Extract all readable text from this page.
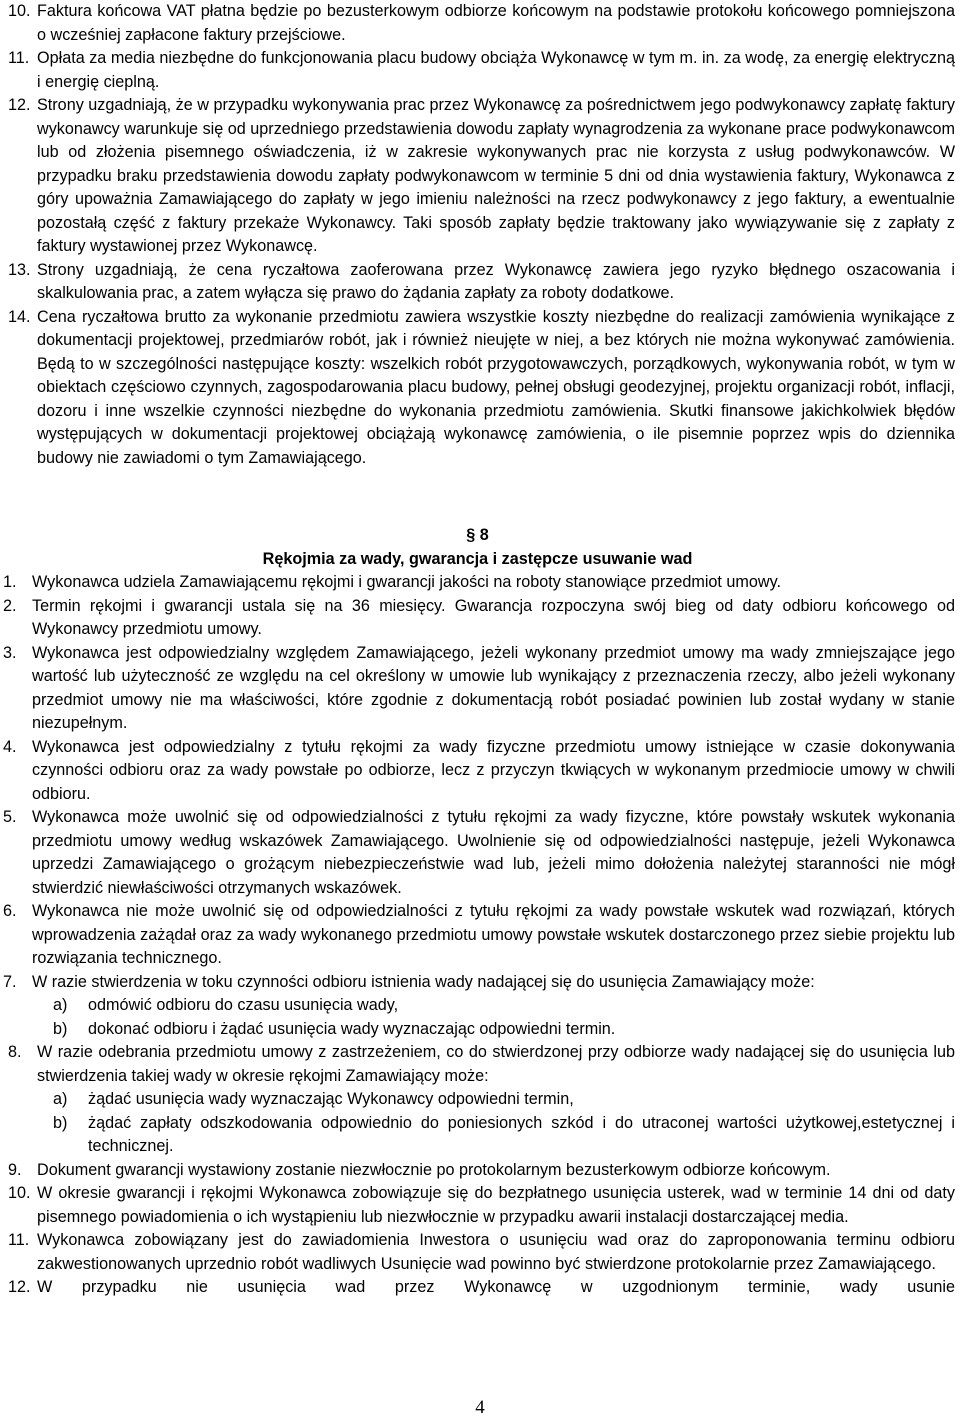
10. Faktura końcowa VAT płatna będzie po bezusterkowym odbiorze końcowym na podstawie protokołu końcowego pomniejszona o wcześniej zapłacone faktury przejściowe.
11. Opłata za media niezbędne do funkcjonowania placu budowy obciąża Wykonawcę w tym m. in. za wodę, za energię elektryczną i energię cieplną.
12. Strony uzgadniają, że w przypadku wykonywania prac przez Wykonawcę za pośrednictwem jego podwykonawcy zapłatę faktury wykonawcy warunkuje się od uprzedniego przedstawienia dowodu zapłaty wynagrodzenia za wykonane prace podwykonawcom lub od złożenia pisemnego oświadczenia, iż w zakresie wykonywanych prac nie korzysta z usług podwykonawców. W przypadku braku przedstawienia dowodu zapłaty podwykonawcom w terminie 5 dni od dnia wystawienia faktury, Wykonawca z góry upoważnia Zamawiającego do zapłaty w jego imieniu należności na rzecz podwykonawcy z jego faktury, a ewentualnie pozostałą część z faktury przekaże Wykonawcy. Taki sposób zapłaty będzie traktowany jako wywiązywanie się z zapłaty z faktury wystawionej przez Wykonawcę.
13. Strony uzgadniają, że cena ryczałtowa zaoferowana przez Wykonawcę zawiera jego ryzyko błędnego oszacowania i skalkulowania prac, a zatem wyłącza się prawo do żądania zapłaty za roboty dodatkowe.
14. Cena ryczałtowa brutto za wykonanie przedmiotu zawiera wszystkie koszty niezbędne do realizacji zamówienia wynikające z dokumentacji projektowej, przedmiarów robót, jak i również nieujęte w niej, a bez których nie można wykonywać zamówienia. Będą to w szczególności następujące koszty: wszelkich robót przygotowawczych, porządkowych, wykonywania robót, w tym w obiektach częściowo czynnych, zagospodarowania placu budowy, pełnej obsługi geodezyjnej, projektu organizacji robót, inflacji, dozoru i inne wszelkie czynności niezbędne do wykonania przedmiotu zamówienia. Skutki finansowe jakichkolwiek błędów występujących w dokumentacji projektowej obciążają wykonawcę zamówienia, o ile pisemnie poprzez wpis do dziennika budowy nie zawiadomi o tym Zamawiającego.
§ 8
Rękojmia za wady, gwarancja i zastępcze usuwanie wad
1. Wykonawca udziela Zamawiającemu rękojmi i gwarancji jakości na roboty stanowiące przedmiot umowy.
2. Termin rękojmi i gwarancji ustala się na 36 miesięcy. Gwarancja rozpoczyna swój bieg od daty odbioru końcowego od Wykonawcy przedmiotu umowy.
3. Wykonawca jest odpowiedzialny względem Zamawiającego, jeżeli wykonany przedmiot umowy ma wady zmniejszające jego wartość lub użyteczność ze względu na cel określony w umowie lub wynikający z przeznaczenia rzeczy, albo jeżeli wykonany przedmiot umowy nie ma właściwości, które zgodnie z dokumentacją robót posiadać powinien lub został wydany w stanie niezupełnym.
4. Wykonawca jest odpowiedzialny z tytułu rękojmi za wady fizyczne przedmiotu umowy istniejące w czasie dokonywania czynności odbioru oraz za wady powstałe po odbiorze, lecz z przyczyn tkwiących w wykonanym przedmiocie umowy w chwili odbioru.
5. Wykonawca może uwolnić się od odpowiedzialności z tytułu rękojmi za wady fizyczne, które powstały wskutek wykonania przedmiotu umowy według wskazówek Zamawiającego. Uwolnienie się od odpowiedzialności następuje, jeżeli Wykonawca uprzedzi Zamawiającego o grożącym niebezpieczeństwie wad lub, jeżeli mimo dołożenia należytej staranności nie mógł stwierdzić niewłaściwości otrzymanych wskazówek.
6. Wykonawca nie może uwolnić się od odpowiedzialności z tytułu rękojmi za wady powstałe wskutek wad rozwiązań, których wprowadzenia zażądał oraz za wady wykonanego przedmiotu umowy powstałe wskutek dostarczonego przez siebie projektu lub rozwiązania technicznego.
7. W razie stwierdzenia w toku czynności odbioru istnienia wady nadającej się do usunięcia Zamawiający może:
a) odmówić odbioru do czasu usunięcia wady,
b) dokonać odbioru i żądać usunięcia wady wyznaczając odpowiedni termin.
8. W razie odebrania przedmiotu umowy z zastrzeżeniem, co do stwierdzonej przy odbiorze wady nadającej się do usunięcia lub stwierdzenia takiej wady w okresie rękojmi Zamawiający może:
a) żądać usunięcia wady wyznaczając Wykonawcy odpowiedni termin,
b) żądać zapłaty odszkodowania odpowiednio do poniesionych szkód i do utraconej wartości użytkowej,estetycznej i technicznej.
9. Dokument gwarancji wystawiony zostanie niezwłocznie po protokolarnym bezusterkowym odbiorze końcowym.
10. W okresie gwarancji i rękojmi Wykonawca zobowiązuje się do bezpłatnego usunięcia usterek, wad w terminie 14 dni od daty pisemnego powiadomienia o ich wystąpieniu lub niezwłocznie w przypadku awarii instalacji dostarczającej media.
11. Wykonawca zobowiązany jest do zawiadomienia Inwestora o usunięciu wad oraz do zaproponowania terminu odbioru zakwestionowanych uprzednio robót wadliwych Usunięcie wad powinno być stwierdzone protokolarnie przez Zamawiającego.
12. W przypadku nie usunięcia wad przez Wykonawcę w uzgodnionym terminie, wady usunie
4
